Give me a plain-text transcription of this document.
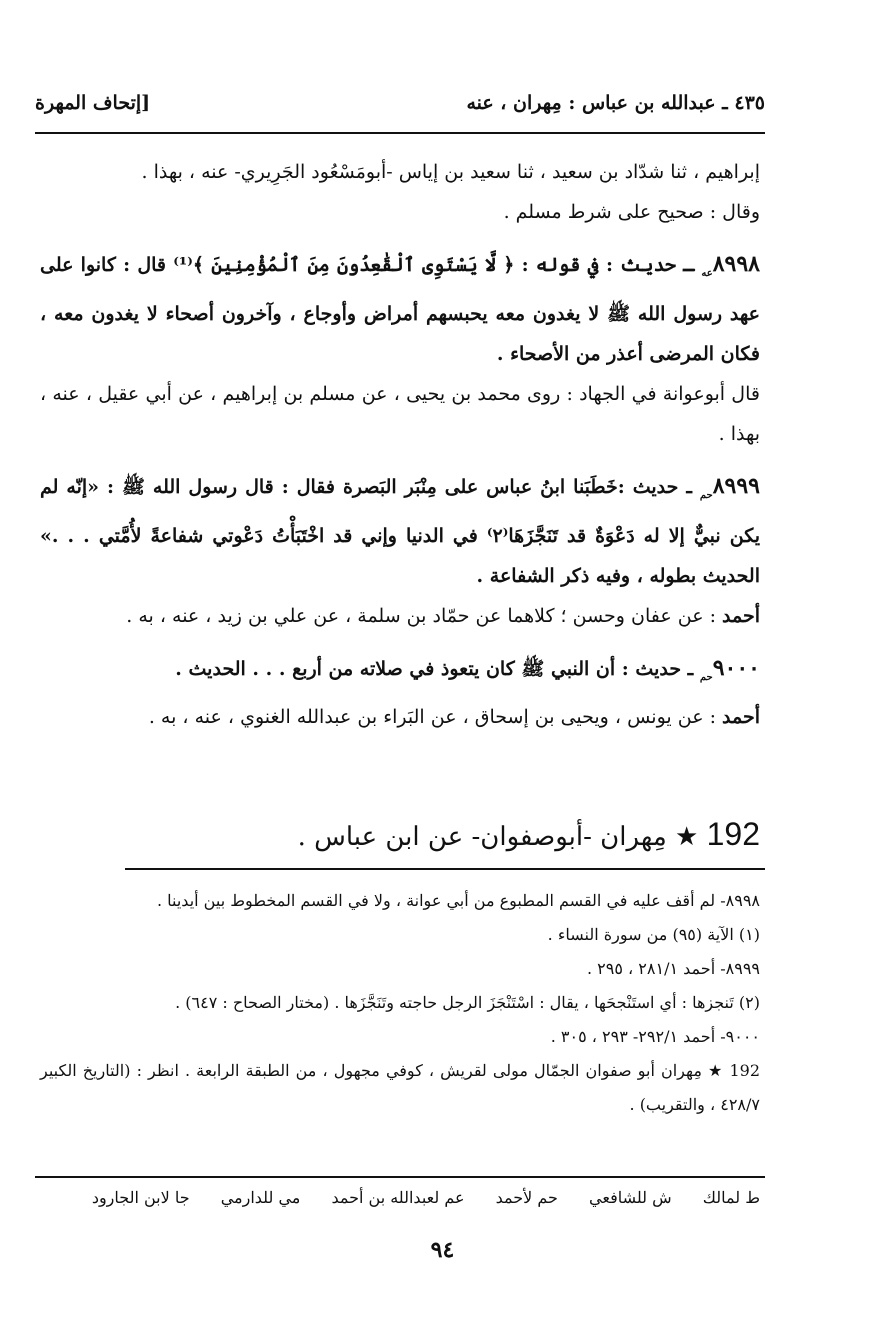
٤٣٥ ـ عبدالله بن عباس : مِهران ، عنه
[إتحاف المهرة

إبراهيم ، ثنا شدّاد بن سعيد ، ثنا سعيد بن إياس -أبومَسْعُود الجَرِيري- عنه ، بهذا .

وقال : صحيح على شرط مسلم .

$٨٩٩٨_{عه}$ ـ حديث : في قوله : ﴿ لَّا يَسْتَوِى ٱلْقَٰعِدُونَ مِنَ ٱلْمُؤْمِنِينَ ﴾⁽¹⁾ قال : كانوا على عهد رسول الله ﷺ لا يغدون معه يحبسهم أمراض وأوجاع ، وآخرون أصحاء لا يغدون معه ، فكان المرضى أعذر من الأصحاء .

قال أبوعوانة في الجهاد : روى محمد بن يحيى ، عن مسلم بن إبراهيم ، عن أبي عقيل ، عنه ، بهذا .

$٨٩٩٩_{حم}$ ـ حديث :خَطَبَنا ابنُ عباس على مِنْبَر البَصرة فقال : قال رسول الله ﷺ : «إنّه لم يكن نبيٌّ إلا له دَعْوَةٌ قد تَنَجَّزَهَا⁽٢⁾ في الدنيا وإني قد اخْتَبَأْتُ دَعْوتي شفاعةً لأُمَّتي . . .» الحديث بطوله ، وفيه ذكر الشفاعة .

أحمد : عن عفان وحسن ؛ كلاهما عن حمّاد بن سلمة ، عن علي بن زيد ، عنه ، به .

$٩٠٠٠_{حم}$ ـ حديث : أن النبي ﷺ كان يتعوذ في صلاته من أربع . . . الحديث .

أحمد : عن يونس ، ويحيى بن إسحاق ، عن البَراء بن عبدالله الغنوي ، عنه ، به .

192 ★ مِهران -أبوصفوان- عن ابن عباس .

٨٩٩٨- لم أقف عليه في القسم المطبوع من أبي عوانة ، ولا في القسم المخطوط بين أيدينا .

(١) الآية (٩٥) من سورة النساء .

٨٩٩٩- أحمد ٢٨١/١ ، ٢٩٥ .

(٢) تَنجزها : أي استَنْجحَها ، يقال : اسْتَنْجَزَ الرجل حاجته وتَنَجَّزَها . (مختار الصحاح : ٦٤٧) .

٩٠٠٠- أحمد ٢٩٢/١- ٢٩٣ ، ٣٠٥ .

192 ★ مِهران أبو صفوان الجمّال مولى لقريش ، كوفي مجهول ، من الطبقة الرابعة . انظر : (التاريخ الكبير ٤٢٨/٧ ، والتقريب) .

ط لمالك ش للشافعي حم لأحمد عم لعبدالله بن أحمد مي للدارمي جا لابن الجارود
٩٤
